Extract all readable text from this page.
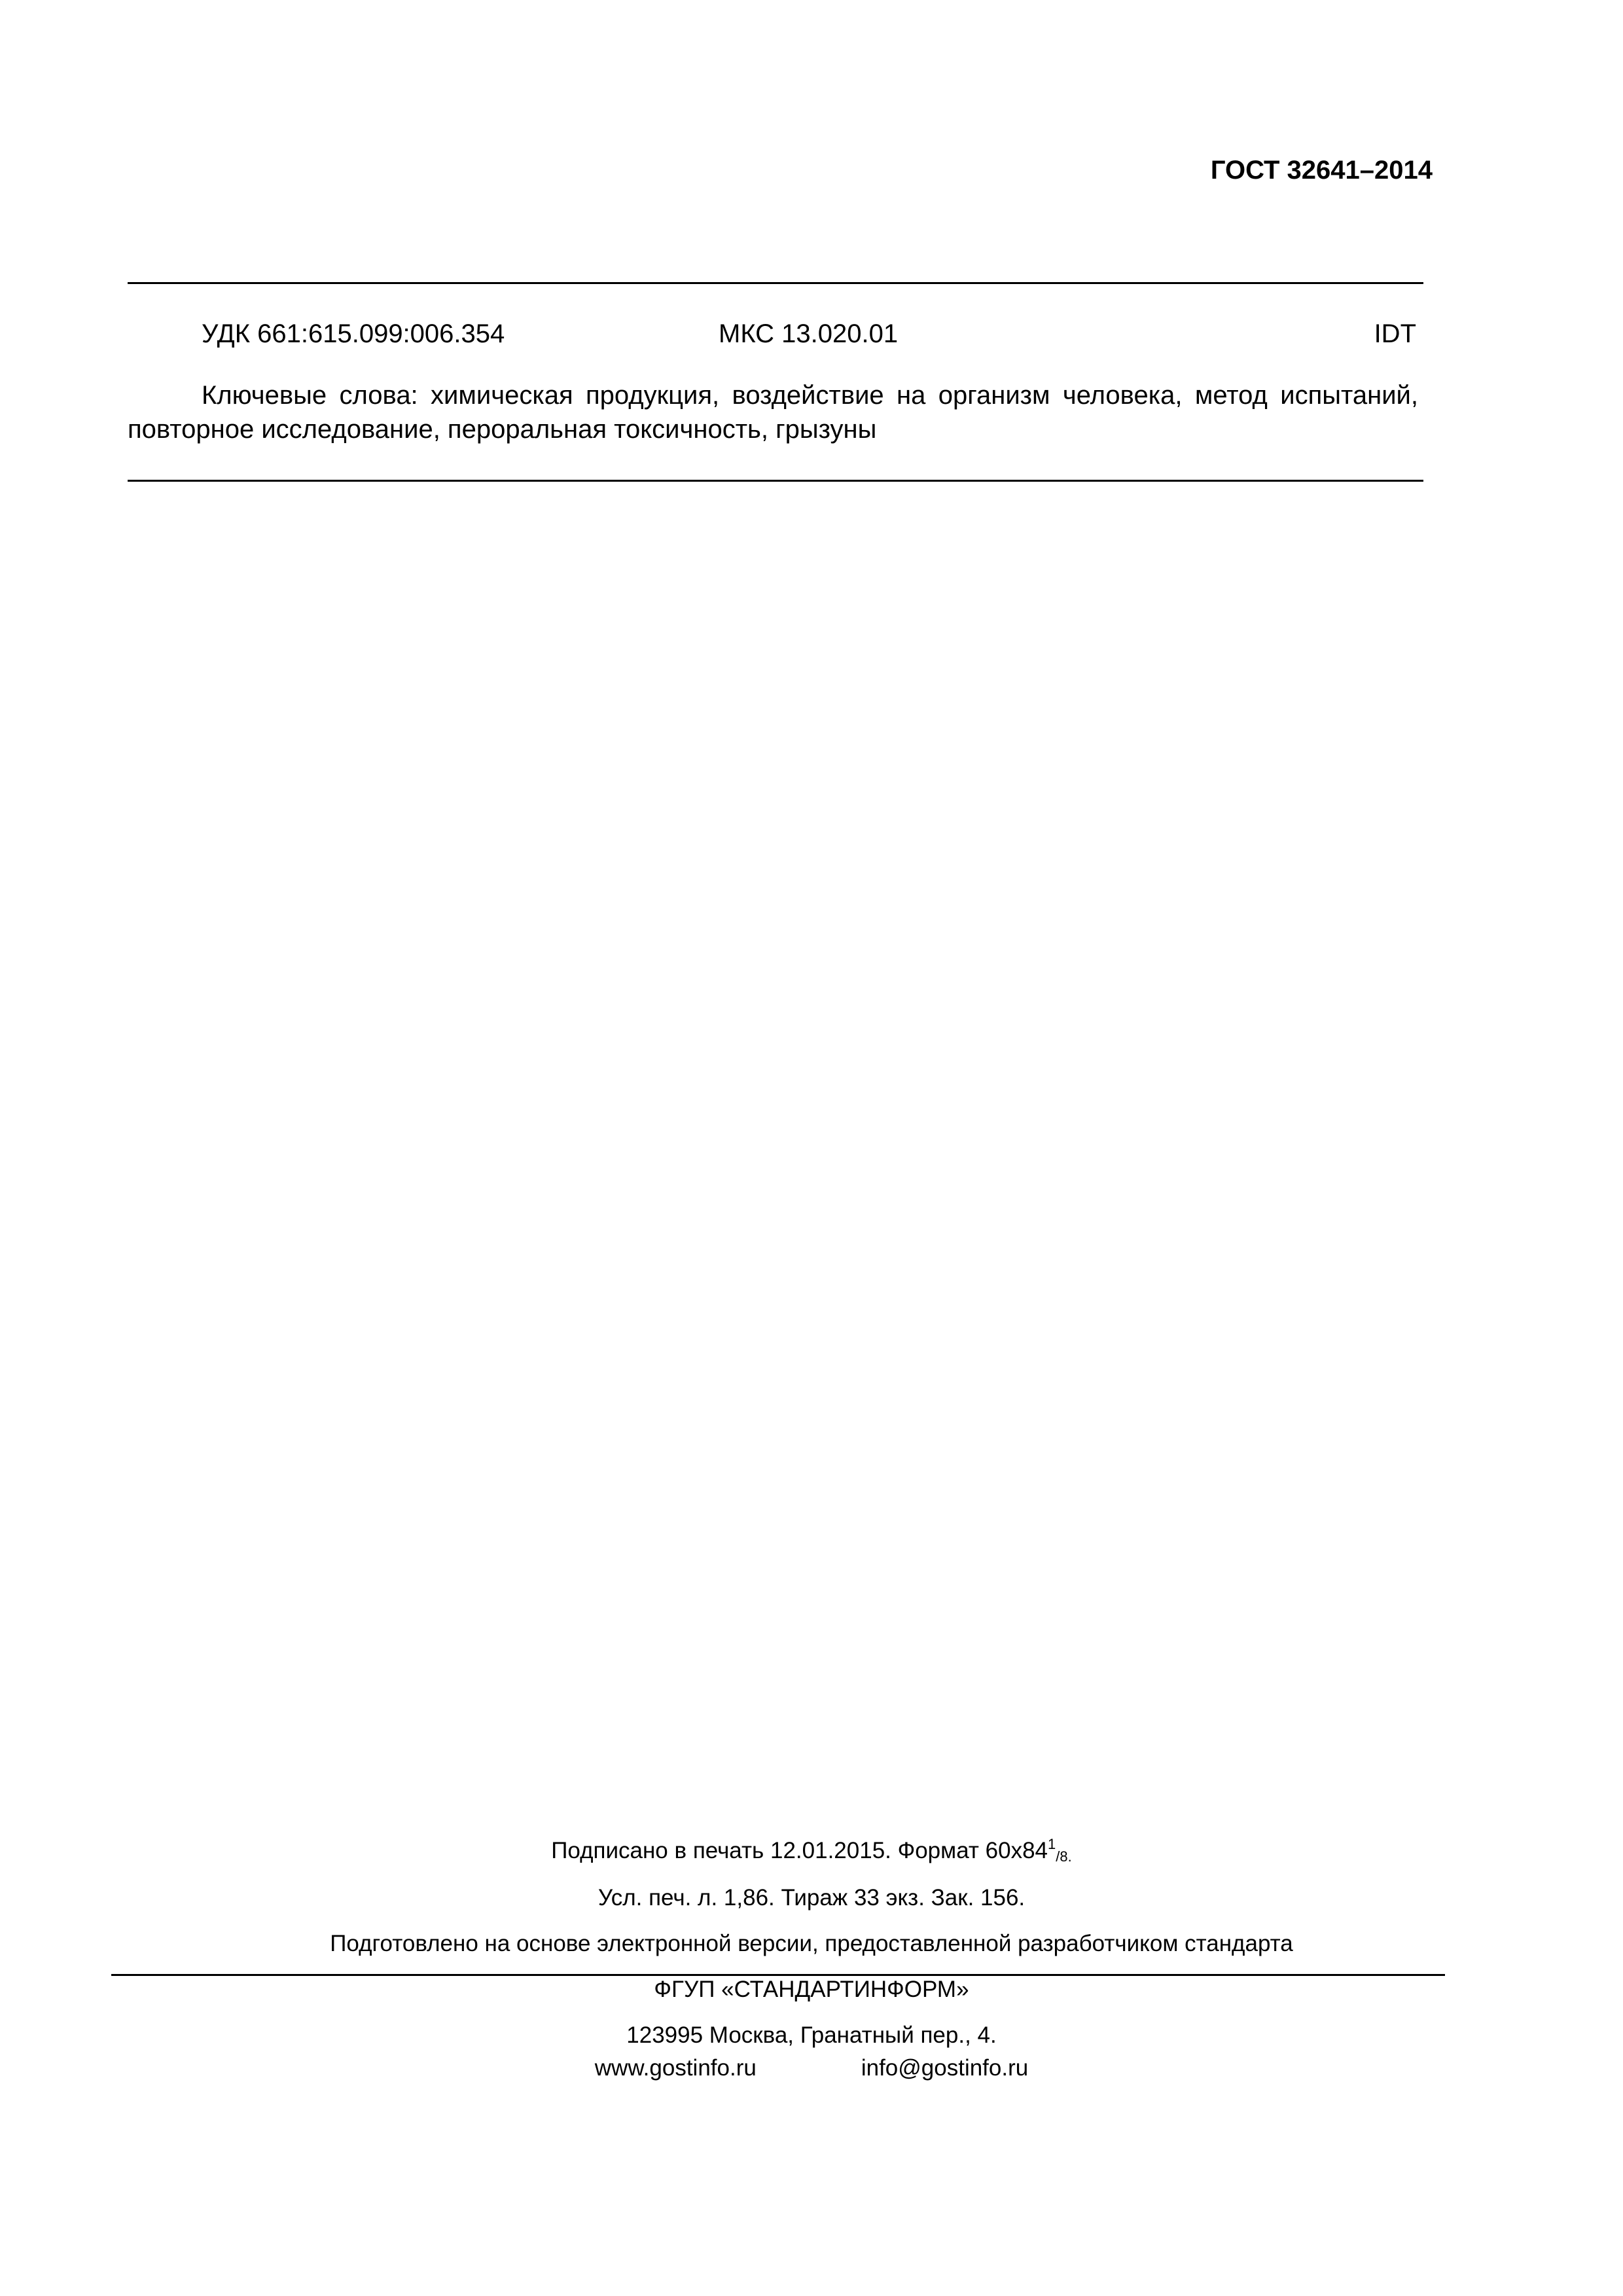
ГОСТ 32641–2014
УДК 661:615.099:006.354	МКС 13.020.01	IDT
Ключевые слова: химическая продукция, воздействие на организм человека, метод испытаний, повторное исследование, пероральная токсичность, грызуны
Подписано в печать 12.01.2015. Формат $60x84^1_{/8.}$
Усл. печ. л. 1,86. Тираж 33 экз. Зак. 156.
Подготовлено на основе электронной версии, предоставленной разработчиком стандарта
ФГУП «СТАНДАРТИНФОРМ»
123995 Москва, Гранатный пер., 4.
www.gostinfo.ru	info@gostinfo.ru
